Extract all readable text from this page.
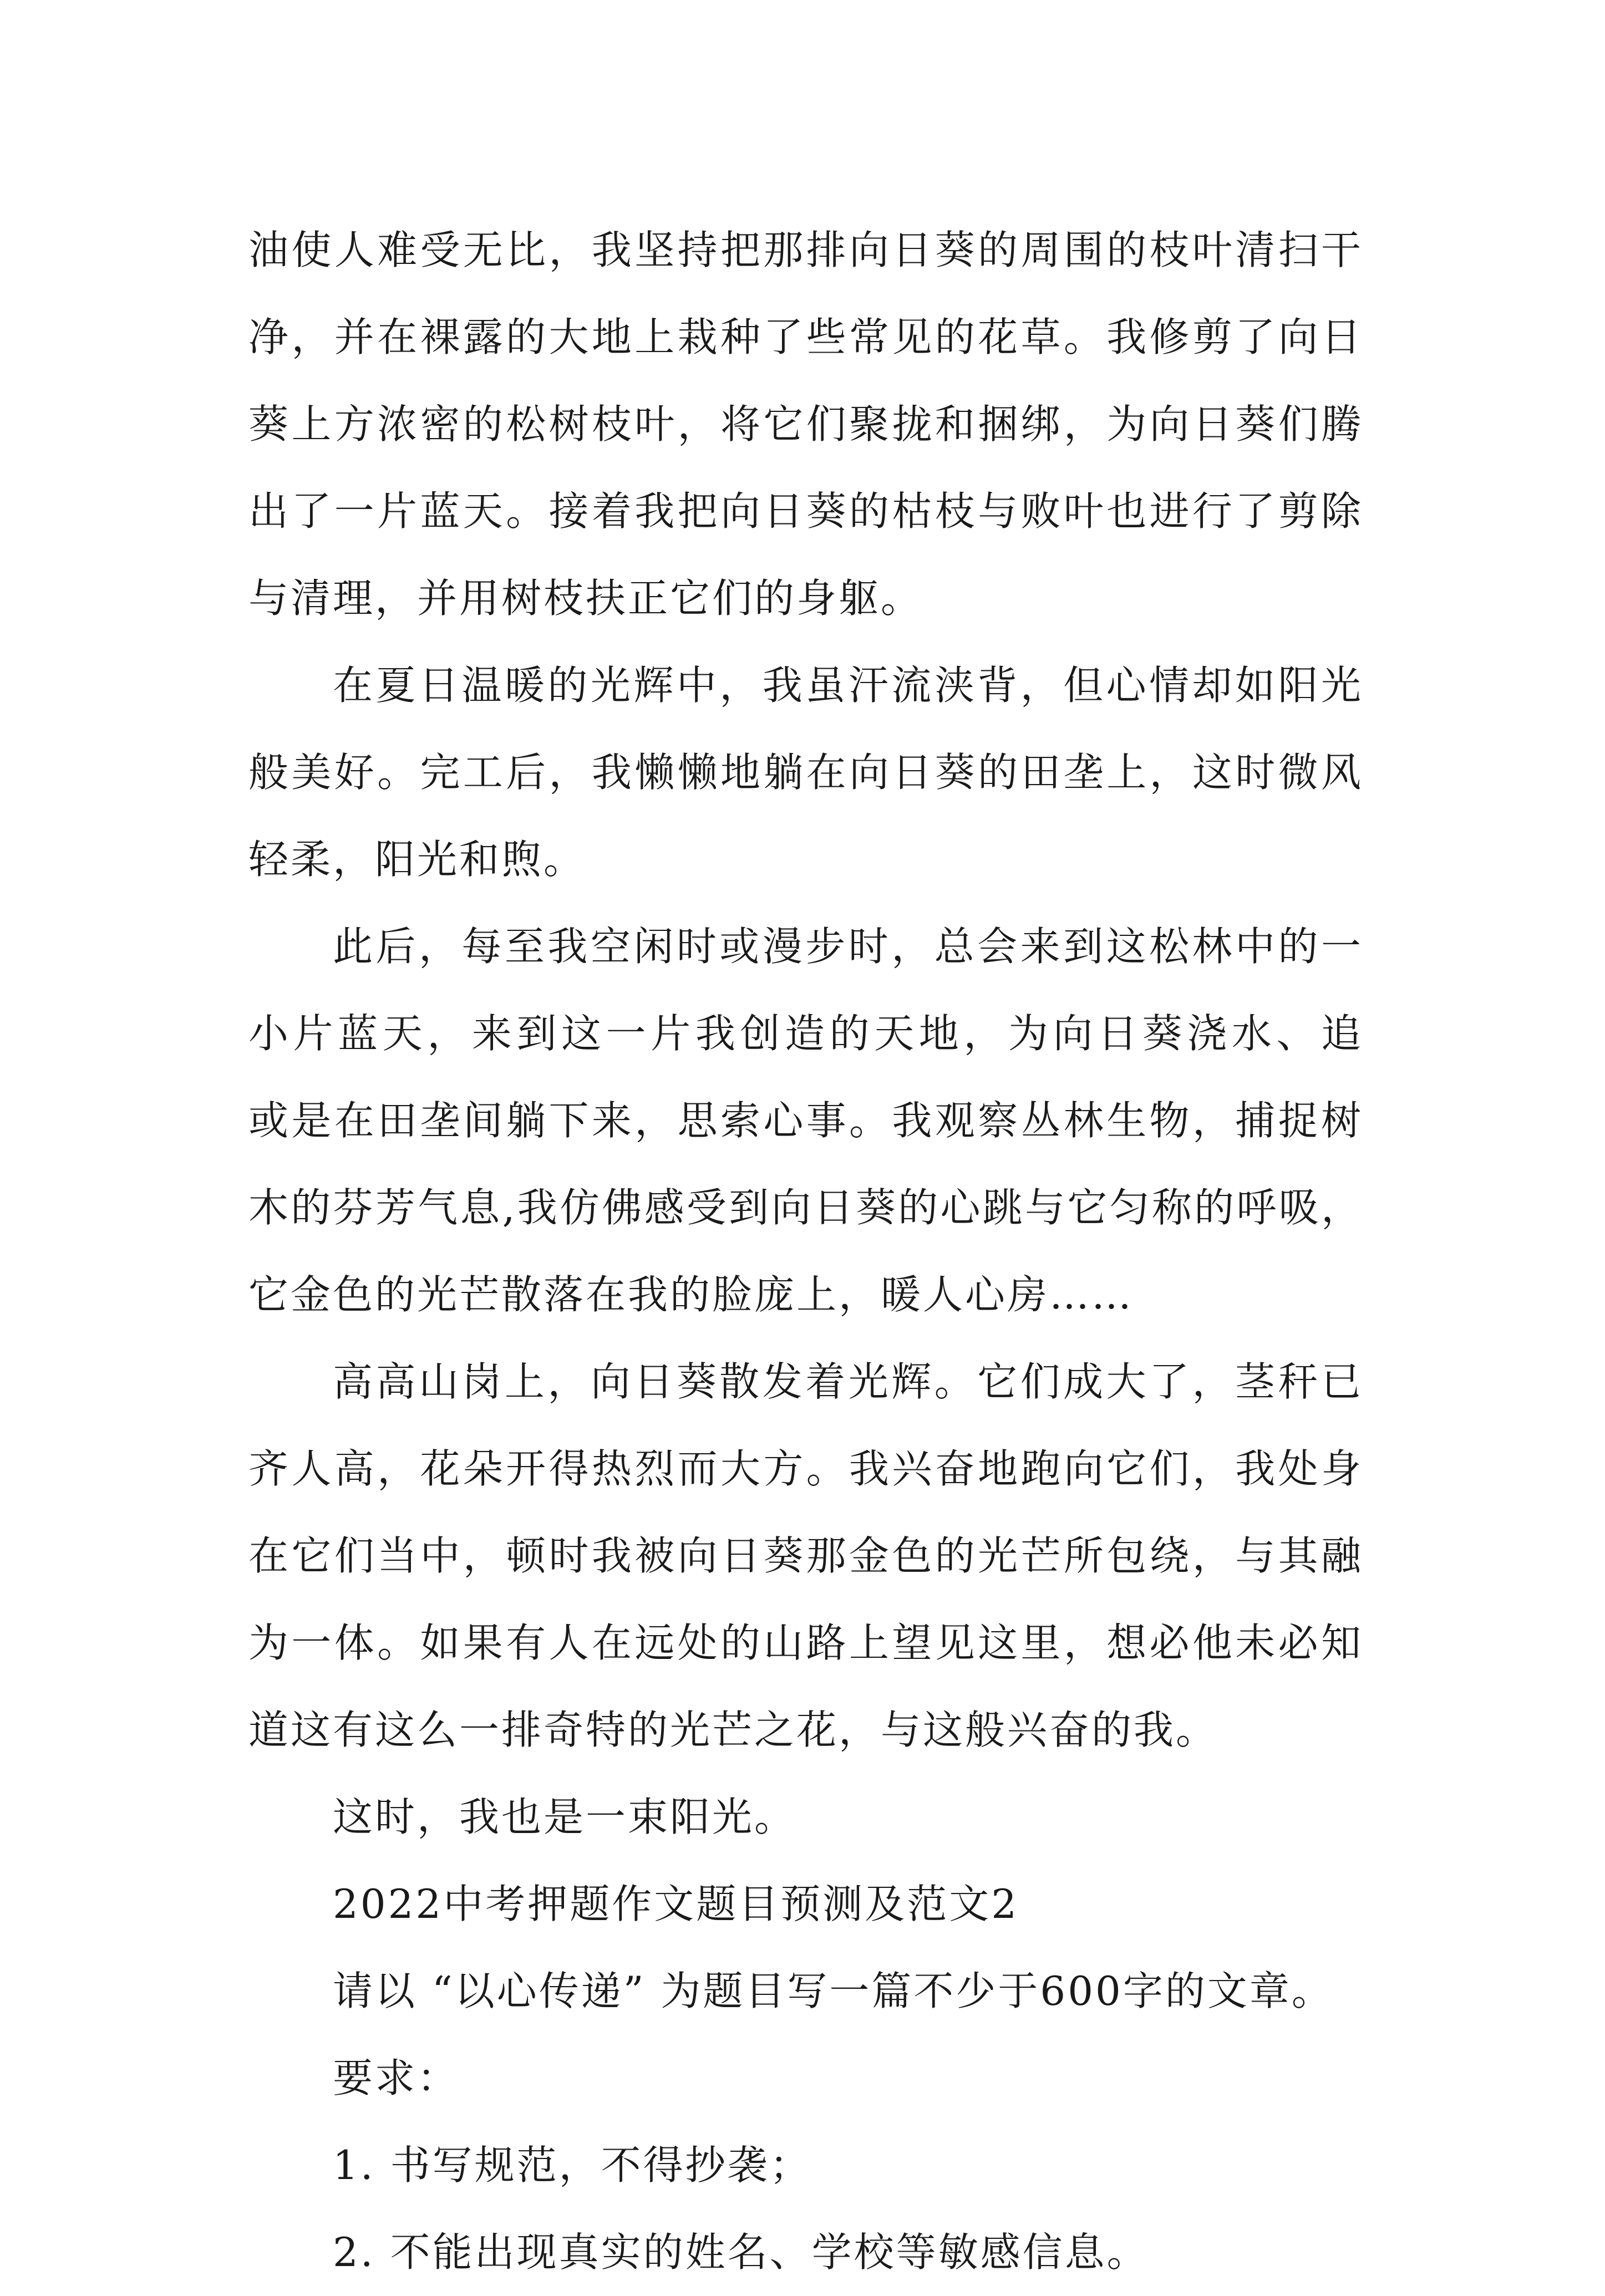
油使人难受无比，我坚持把那排向日葵的周围的枝叶清扫干
净，并在裸露的大地上栽种了些常见的花草。我修剪了向日
葵上方浓密的松树枝叶，将它们聚拢和捆绑，为向日葵们腾
出了一片蓝天。接着我把向日葵的枯枝与败叶也进行了剪除
与清理，并用树枝扶正它们的身躯。
在夏日温暖的光辉中，我虽汗流浃背，但心情却如阳光
般美好。完工后，我懒懒地躺在向日葵的田垄上，这时微风
轻柔，阳光和煦。
此后，每至我空闲时或漫步时，总会来到这松林中的一
小片蓝天，来到这一片我创造的天地，为向日葵浇水、追
或是在田垄间躺下来，思索心事。我观察丛林生物，捕捉树
木的芬芳气息,我仿佛感受到向日葵的心跳与它匀称的呼吸，
它金色的光芒散落在我的脸庞上，暖人心房……
高高山岗上，向日葵散发着光辉。它们成大了，茎秆已
齐人高，花朵开得热烈而大方。我兴奋地跑向它们，我处身
在它们当中，顿时我被向日葵那金色的光芒所包绕，与其融
为一体。如果有人在远处的山路上望见这里，想必他未必知
道这有这么一排奇特的光芒之花，与这般兴奋的我。
这时，我也是一束阳光。
2022中考押题作文题目预测及范文2
请以 “以心传递” 为题目写一篇不少于600字的文章。
要求：
1. 书写规范，不得抄袭；
2. 不能出现真实的姓名、学校等敏感信息。
